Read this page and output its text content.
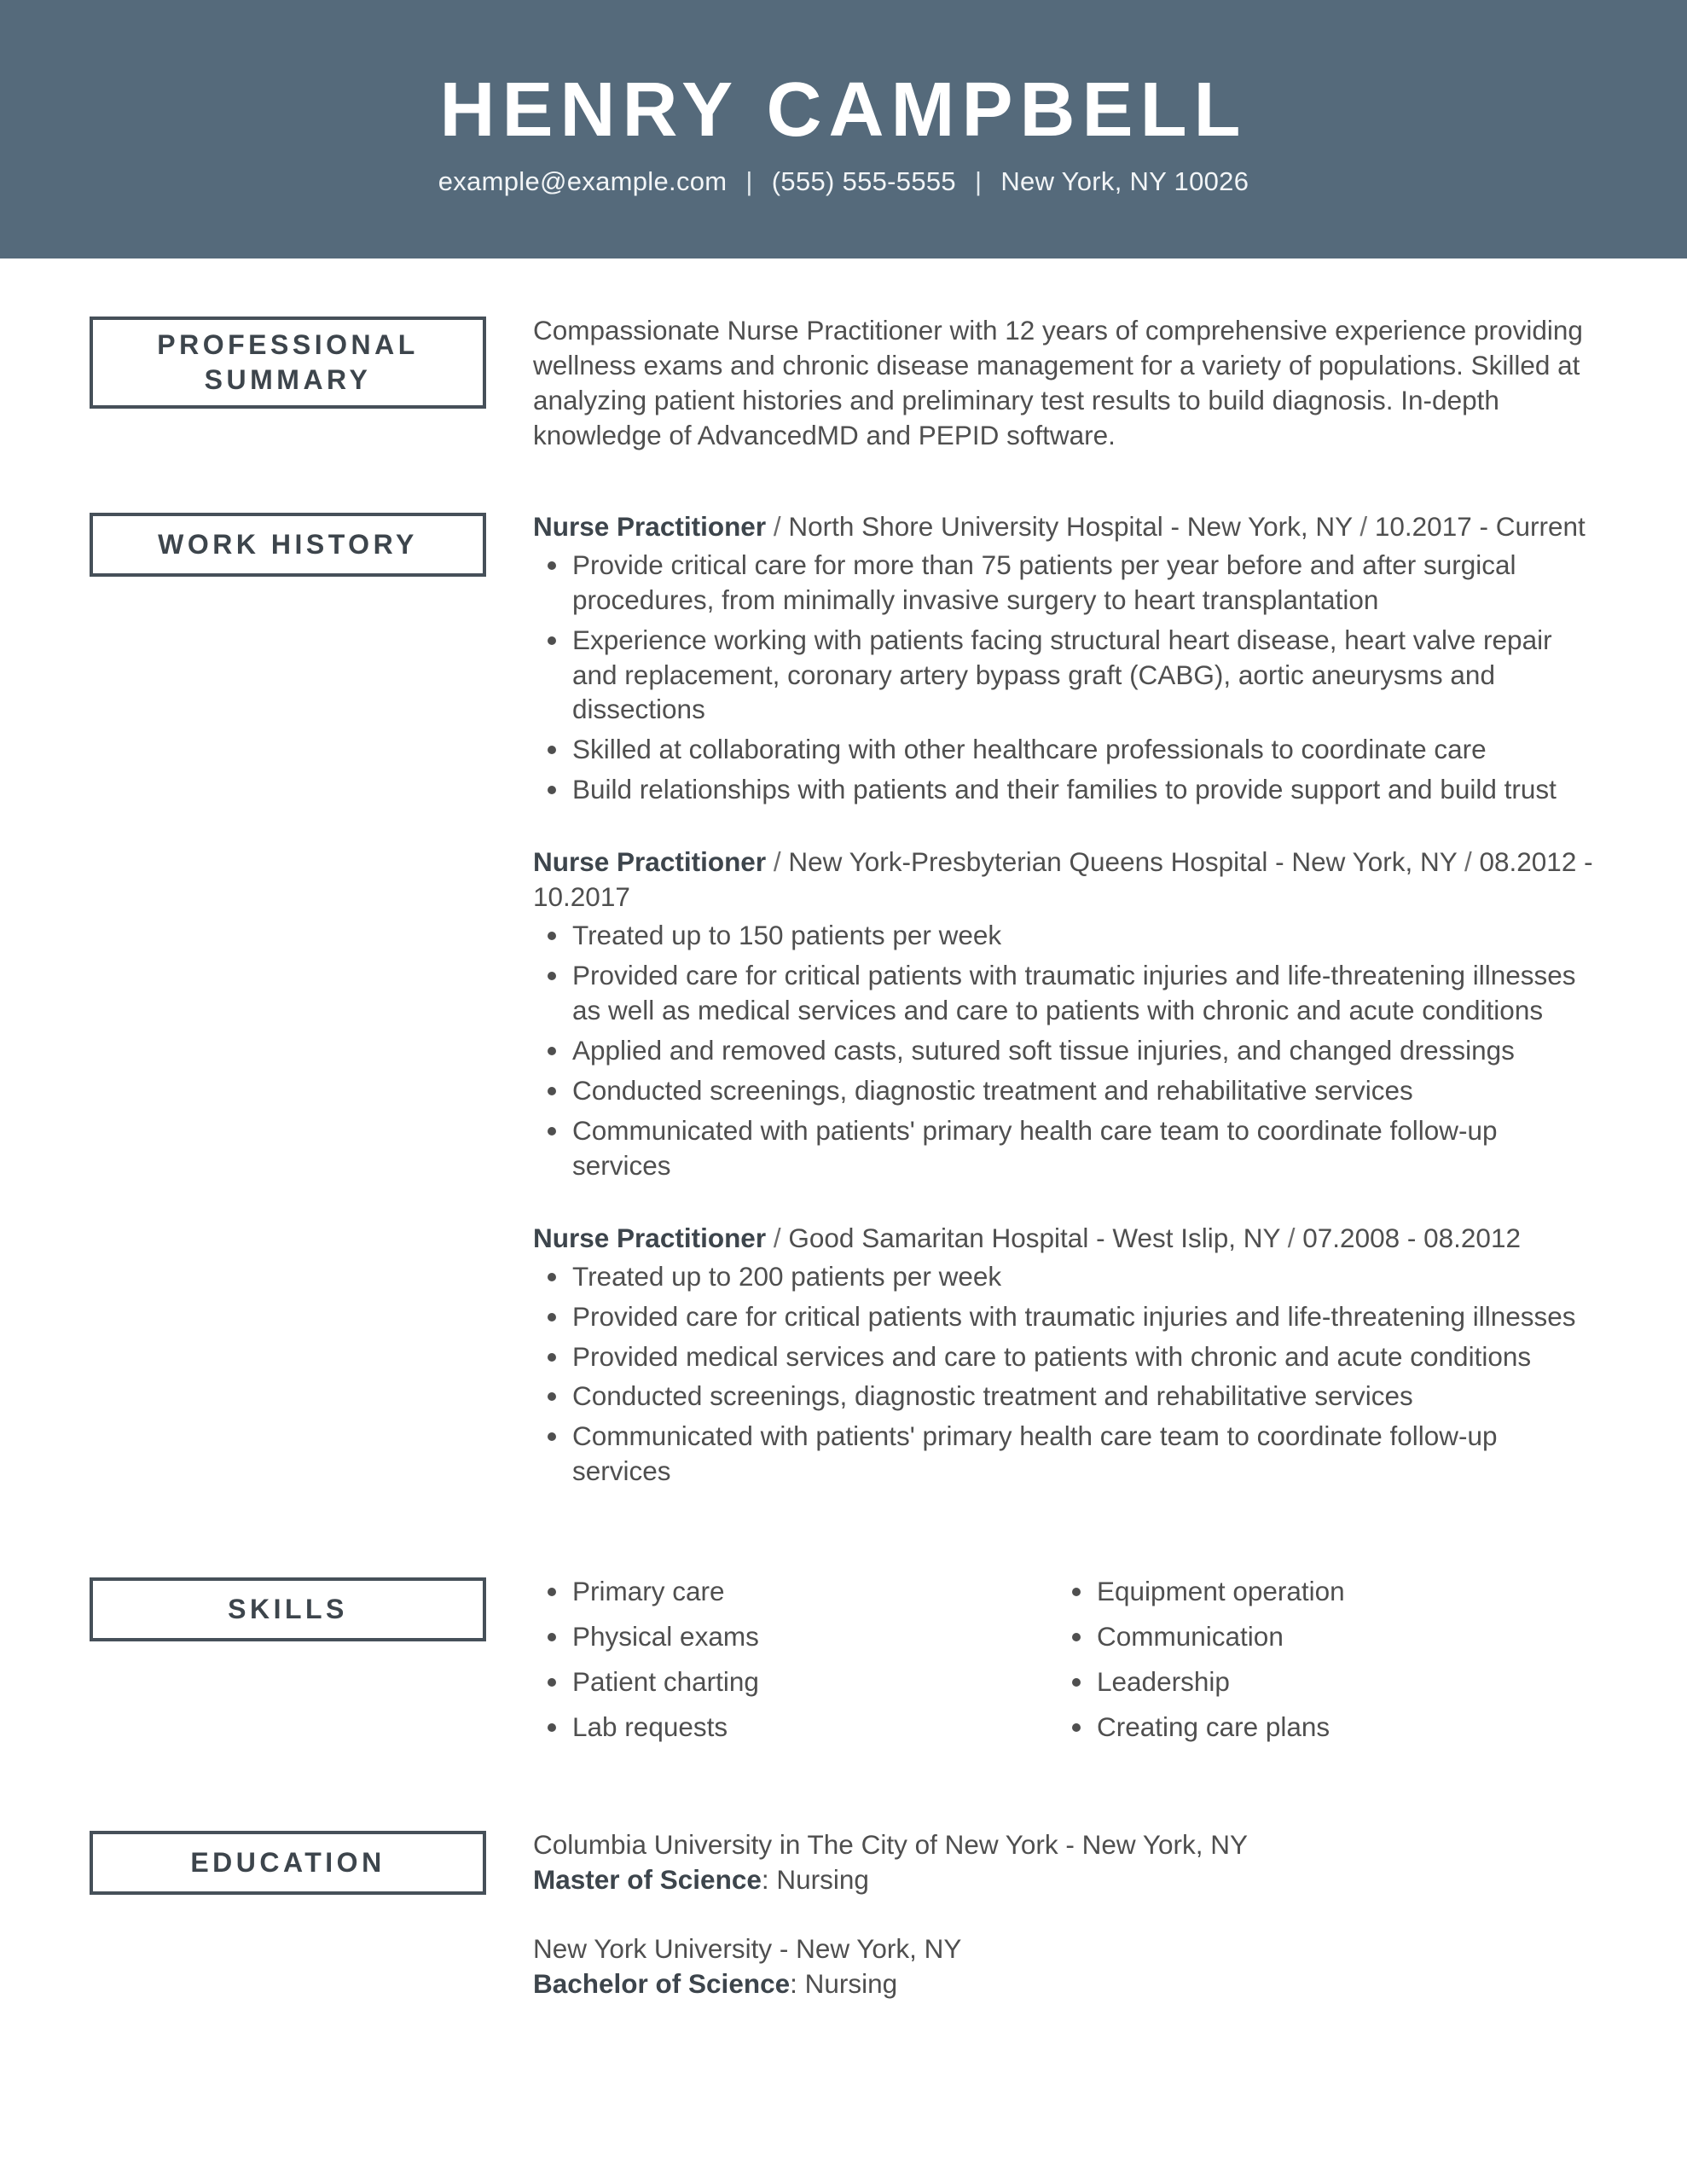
HENRY CAMPBELL
example@example.com | (555) 555-5555 | New York, NY 10026
PROFESSIONAL SUMMARY

Compassionate Nurse Practitioner with 12 years of comprehensive experience providing wellness exams and chronic disease management for a variety of populations. Skilled at analyzing patient histories and preliminary test results to build diagnosis. In-depth knowledge of AdvancedMD and PEPID software.

WORK HISTORY

Nurse Practitioner / North Shore University Hospital - New York, NY / 10.2017 - Current

Provide critical care for more than 75 patients per year before and after surgical procedures, from minimally invasive surgery to heart transplantation
Experience working with patients facing structural heart disease, heart valve repair and replacement, coronary artery bypass graft (CABG), aortic aneurysms and dissections
Skilled at collaborating with other healthcare professionals to coordinate care
Build relationships with patients and their families to provide support and build trust

Nurse Practitioner / New York-Presbyterian Queens Hospital - New York, NY / 08.2012 - 10.2017

Treated up to 150 patients per week
Provided care for critical patients with traumatic injuries and life-threatening illnesses as well as medical services and care to patients with chronic and acute conditions
Applied and removed casts, sutured soft tissue injuries, and changed dressings
Conducted screenings, diagnostic treatment and rehabilitative services
Communicated with patients' primary health care team to coordinate follow-up services

Nurse Practitioner / Good Samaritan Hospital - West Islip, NY / 07.2008 - 08.2012

Treated up to 200 patients per week
Provided care for critical patients with traumatic injuries and life-threatening illnesses
Provided medical services and care to patients with chronic and acute conditions
Conducted screenings, diagnostic treatment and rehabilitative services
Communicated with patients' primary health care team to coordinate follow-up services
SKILLS
Primary care
Physical exams
Patient charting
Lab requests
Equipment operation
Communication
Leadership
Creating care plans
EDUCATION

Columbia University in The City of New York - New York, NY

Master of Science: Nursing

New York University - New York, NY

Bachelor of Science: Nursing
